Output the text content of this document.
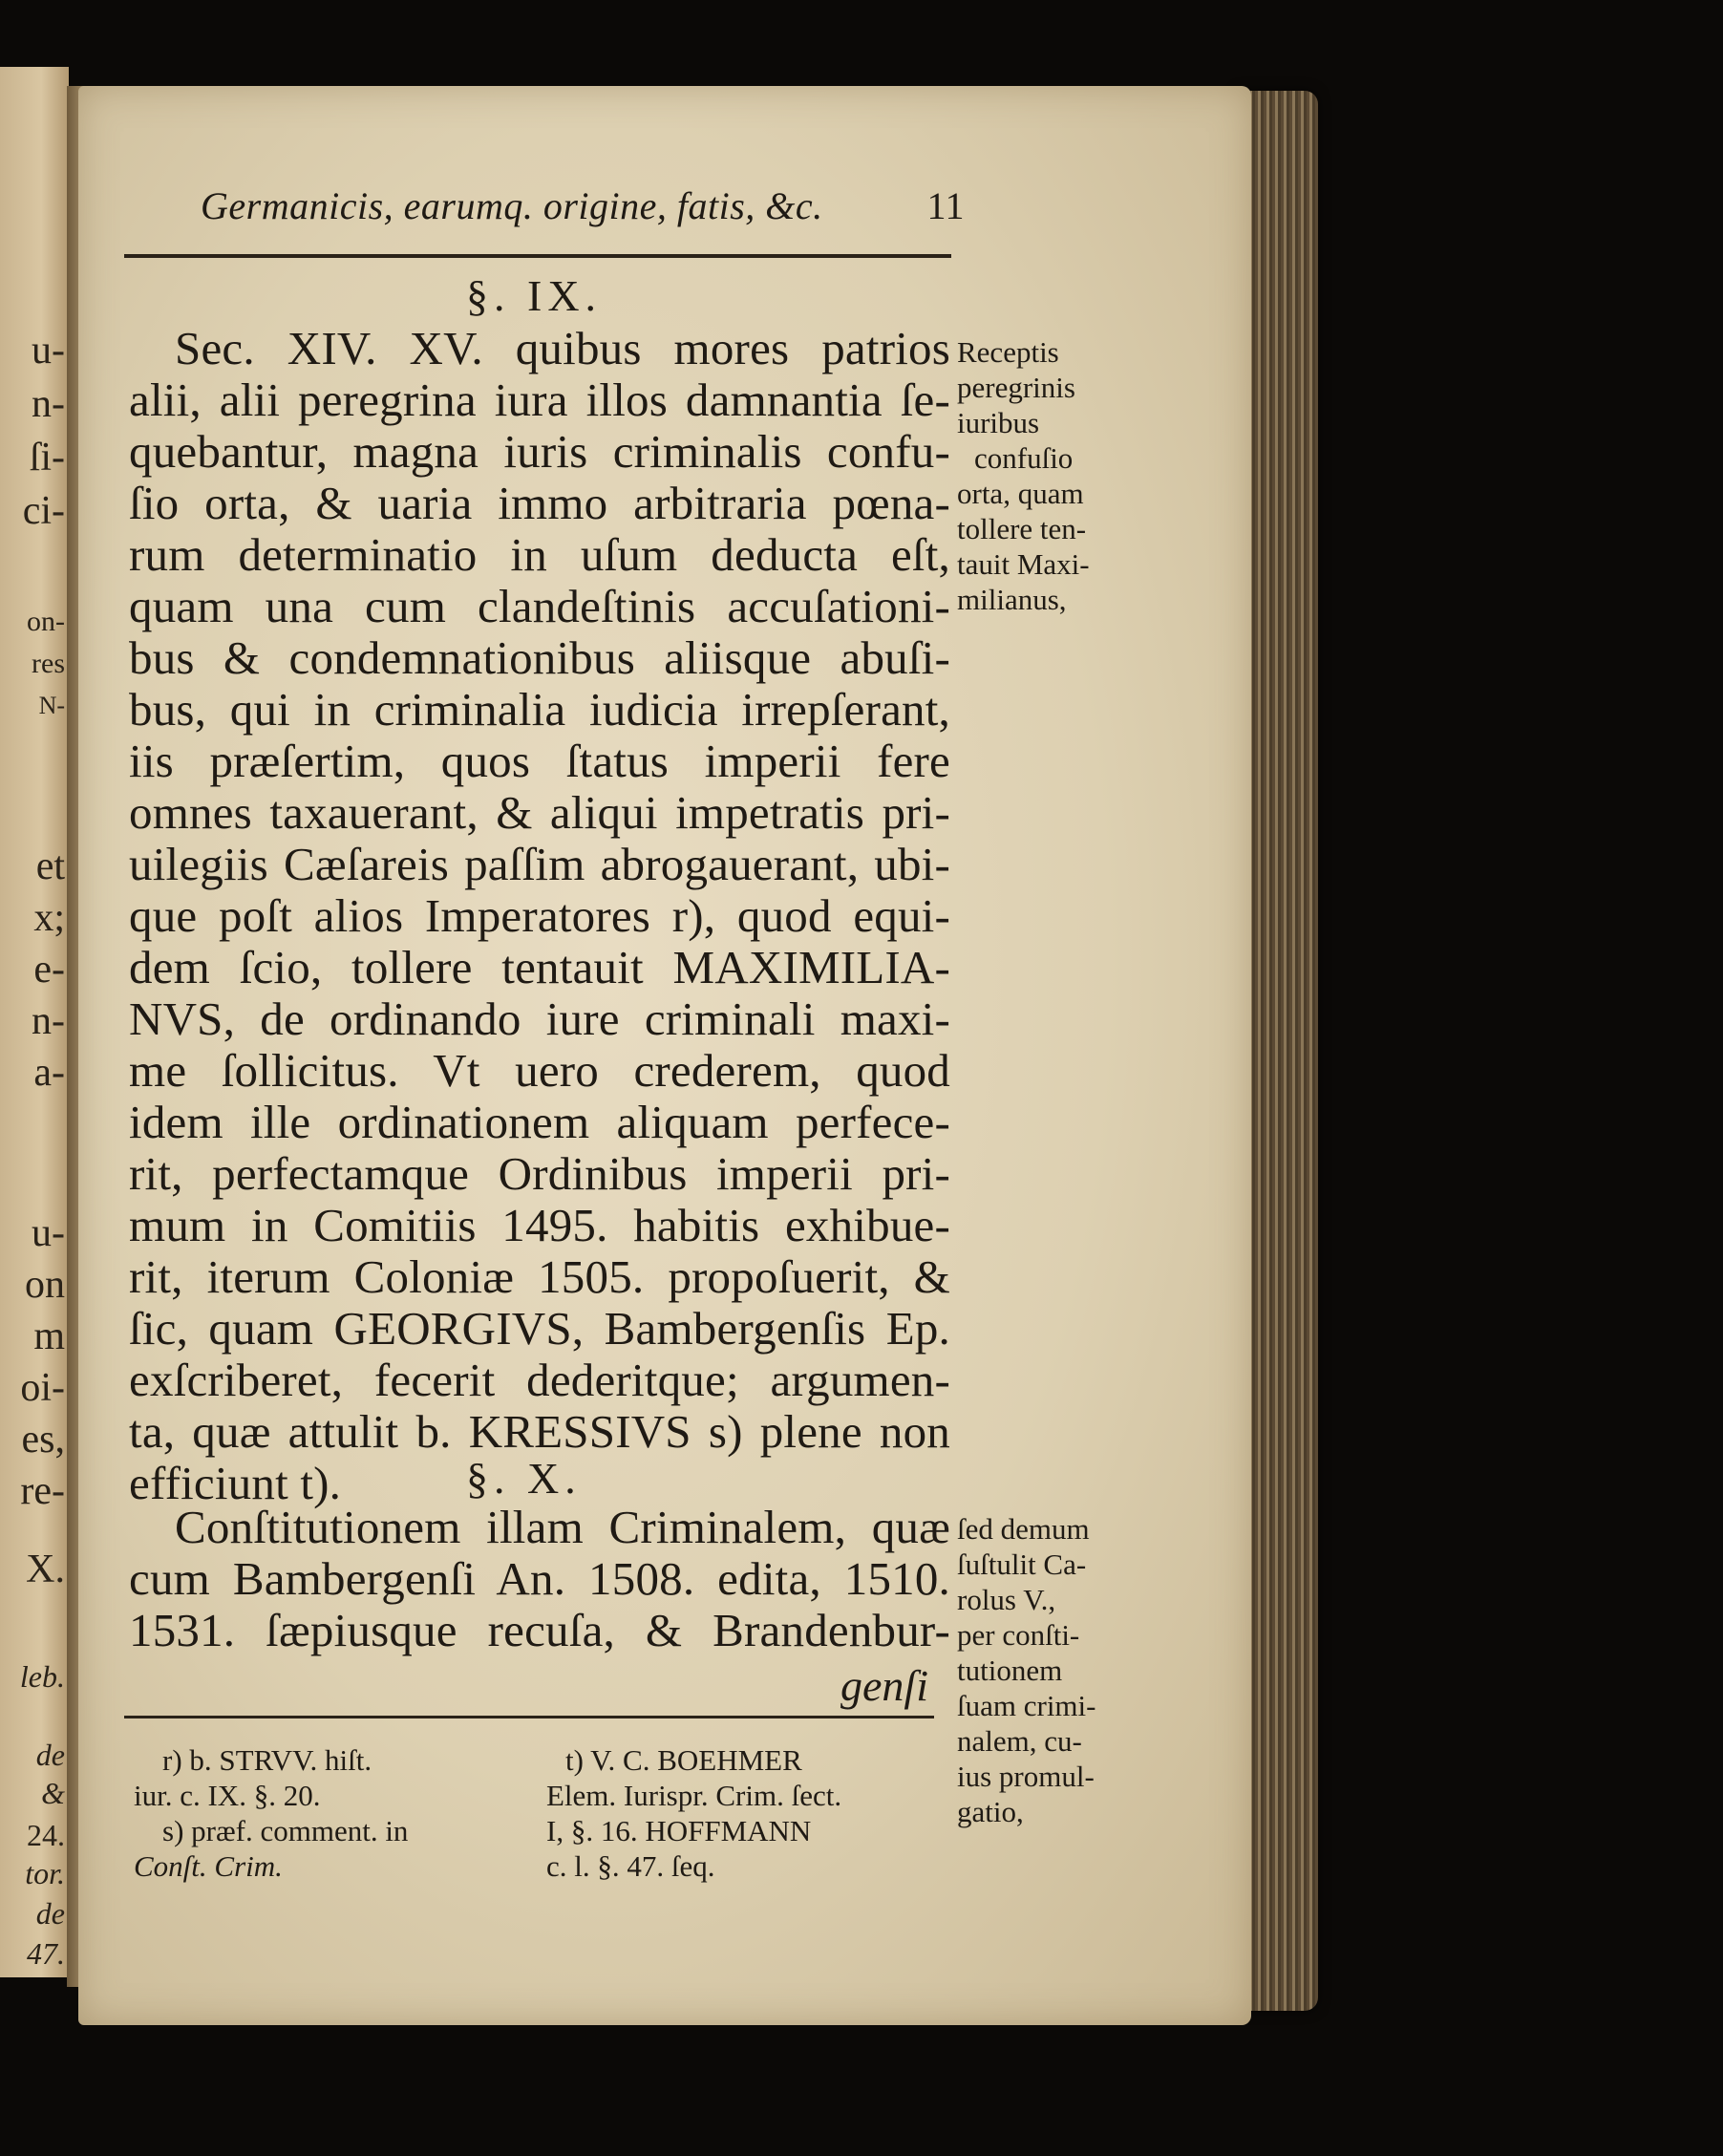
u-
n-
ſi-
ci-
on-
res
N-
et
x;
e-
n-
a-
u-
on
m
oi-
es,
re-
X.
leb.
de
&
24.
tor.
de
47.
Germanicis, earumq. origine, fatis, &c.	11
§. IX.
Sec. XIV. XV. quibus mores patrios
alii, alii peregrina iura illos damnantia ſe-
quebantur, magna iuris criminalis confu-
ſio orta, & uaria immo arbitraria pœna-
rum determinatio in uſum deducta eſt,
quam una cum clandeſtinis accuſationi-
bus & condemnationibus aliisque abuſi-
bus, qui in criminalia iudicia irrepſerant,
iis præſertim, quos ſtatus imperii fere
omnes taxauerant, & aliqui impetratis pri-
uilegiis Cæſareis paſſim abrogauerant, ubi-
que poſt alios Imperatores r), quod equi-
dem ſcio, tollere tentauit MAXIMILIA-
NVS, de ordinando iure criminali maxi-
me ſollicitus. Vt uero crederem, quod
idem ille ordinationem aliquam perfece-
rit, perfectamque Ordinibus imperii pri-
mum in Comitiis 1495. habitis exhibue-
rit, iterum Coloniæ 1505. propoſuerit, &
ſic, quam GEORGIVS, Bambergenſis Ep.
exſcriberet, fecerit dederitque; argumen-
ta, quæ attulit b. KRESSIVS s) plene non
efficiunt t).
Receptis
peregrinis
iuribus
confuſio
orta, quam
tollere ten-
tauit Maxi-
milianus,
§. X.
Conſtitutionem illam Criminalem, quæ
cum Bambergenſi An. 1508. edita, 1510.
1531. ſæpiusque recuſa, & Brandenbur-
genſi
ſed demum
ſuſtulit Ca-
rolus V.,
per conſti-
tutionem
ſuam crimi-
nalem, cu-
ius promul-
gatio,
r) b. STRVV. hiſt.
iur. c. IX. §. 20.
s) præf. comment. in
Conſt. Crim.
t) V. C. BOEHMER
Elem. Iurispr. Crim. ſect.
I, §. 16. HOFFMANN
c. l. §. 47. ſeq.
